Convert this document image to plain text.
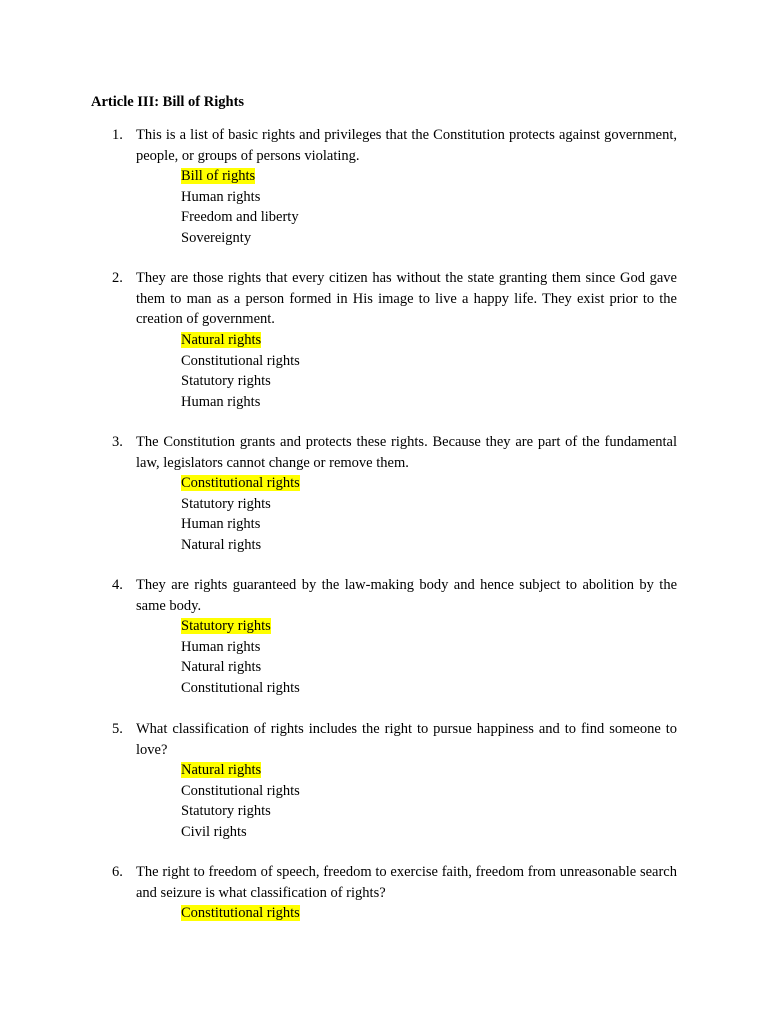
Article III: Bill of Rights
1. This is a list of basic rights and privileges that the Constitution protects against government, people, or groups of persons violating.

Bill of rights
Human rights
Freedom and liberty
Sovereignty
2. They are those rights that every citizen has without the state granting them since God gave them to man as a person formed in His image to live a happy life. They exist prior to the creation of government.

Natural rights
Constitutional rights
Statutory rights
Human rights
3. The Constitution grants and protects these rights. Because they are part of the fundamental law, legislators cannot change or remove them.

Constitutional rights
Statutory rights
Human rights
Natural rights
4. They are rights guaranteed by the law-making body and hence subject to abolition by the same body.

Statutory rights
Human rights
Natural rights
Constitutional rights
5. What classification of rights includes the right to pursue happiness and to find someone to love?

Natural rights
Constitutional rights
Statutory rights
Civil rights
6. The right to freedom of speech, freedom to exercise faith, freedom from unreasonable search and seizure is what classification of rights?

Constitutional rights
